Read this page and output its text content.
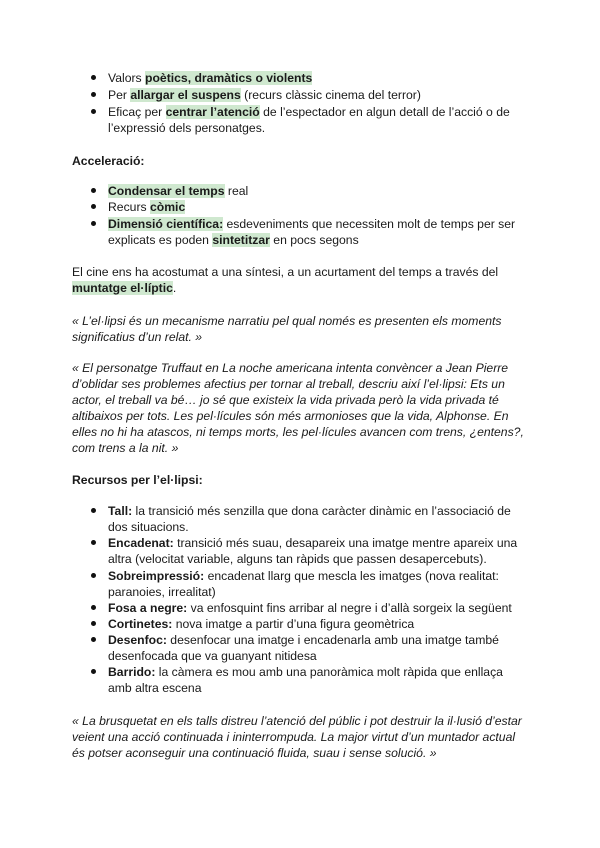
Valors poètics, dramàtics o violents
Per allargar el suspens (recurs clàssic cinema del terror)
Eficaç per centrar l’atenció de l’espectador en algun detall de l’acció o de l’expressió dels personatges.
Acceleració:
Condensar el temps real
Recurs còmic
Dimensió científica: esdeveniments que necessiten molt de temps per ser explicats es poden sintetitzar en pocs segons
El cine ens ha acostumat a una síntesi, a un acurtament del temps a través del muntatge el·líptic.
« L’el·lipsi és un mecanisme narratiu pel qual només es presenten els moments significatius d’un relat. »
« El personatge Truffaut en La noche americana intenta convèncer a Jean Pierre d’oblidar ses problemes afectius per tornar al treball, descriu així l’el·lipsi: Ets un actor, el treball va bé… jo sé que existeix la vida privada però la vida privada té altibaixos per tots. Les pel·lícules són més armonioses que la vida, Alphonse. En elles no hi ha atascos, ni temps morts, les pel·lícules avancen com trens, ¿entens?, com trens a la nit. »
Recursos per l’el·lipsi:
Tall: la transició més senzilla que dona caràcter dinàmic en l’associació de dos situacions.
Encadenat: transició més suau, desapareix una imatge mentre apareix una altra (velocitat variable, alguns tan ràpids que passen desapercebuts).
Sobreimpressió: encadenat llarg que mescla les imatges (nova realitat: paranoies, irrealitat)
Fosa a negre: va enfosquint fins arribar al negre i d’allà sorgeix la següent
Cortinetes: nova imatge a partir d’una figura geomètrica
Desenfoc: desenfocar una imatge i encadenarla amb una imatge també desenfocada que va guanyant nitidesa
Barrido: la càmera es mou amb una panoràmica molt ràpida que enllaça amb altra escena
« La brusquetat en els talls distreu l’atenció del públic i pot destruir la il·lusió d’estar veient una acció continuada i ininterrompuda. La major virtut d’un muntador actual és potser aconseguir una continuació fluida, suau i sense solució. »
